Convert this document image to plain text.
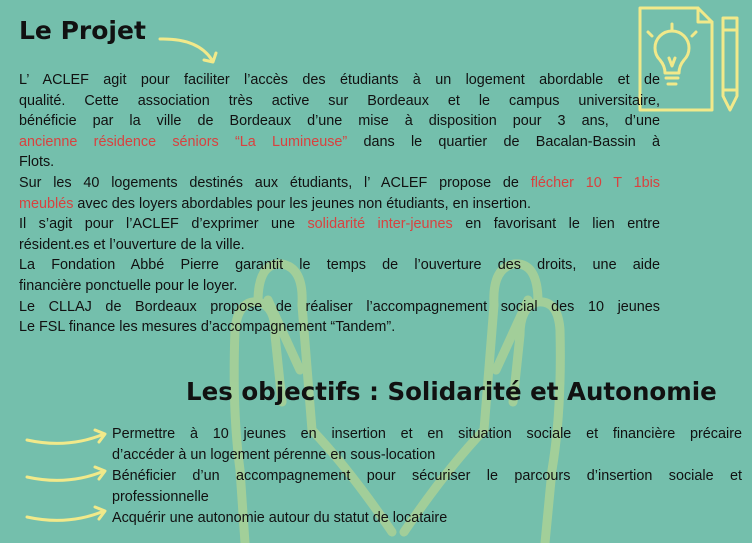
Le Projet

L’ ACLEF agit pour faciliter l’accès des étudiants à un logement abordable et de
qualité. Cette association très active sur Bordeaux et le campus universitaire,
bénéficie par la ville de Bordeaux d’une mise à disposition pour 3 ans, d’une
ancienne résidence séniors “La Lumineuse” dans le quartier de Bacalan-Bassin à
Flots.

Sur les 40 logements destinés aux étudiants, l’ ACLEF propose de flécher 10 T 1bis
meublés avec des loyers abordables pour les jeunes non étudiants, en insertion.

Il s’agit pour l’ACLEF d’exprimer une solidarité inter-jeunes en favorisant le lien entre
résident.es et l’ouverture de la ville.

La Fondation Abbé Pierre garantit le temps de l’ouverture des droits, une aide
financière ponctuelle pour le loyer.

Le CLLAJ de Bordeaux propose de réaliser l’accompagnement social des 10 jeunes

Le FSL finance les mesures d’accompagnement “Tandem”.

Les objectifs : Solidarité et Autonomie
Permettre à 10 jeunes en insertion et en situation sociale et financière précaire
d’accéder à un logement pérenne en sous-location
Bénéficier d’un accompagnement pour sécuriser le parcours d’insertion sociale et
professionnelle
Acquérir une autonomie autour du statut de locataire
